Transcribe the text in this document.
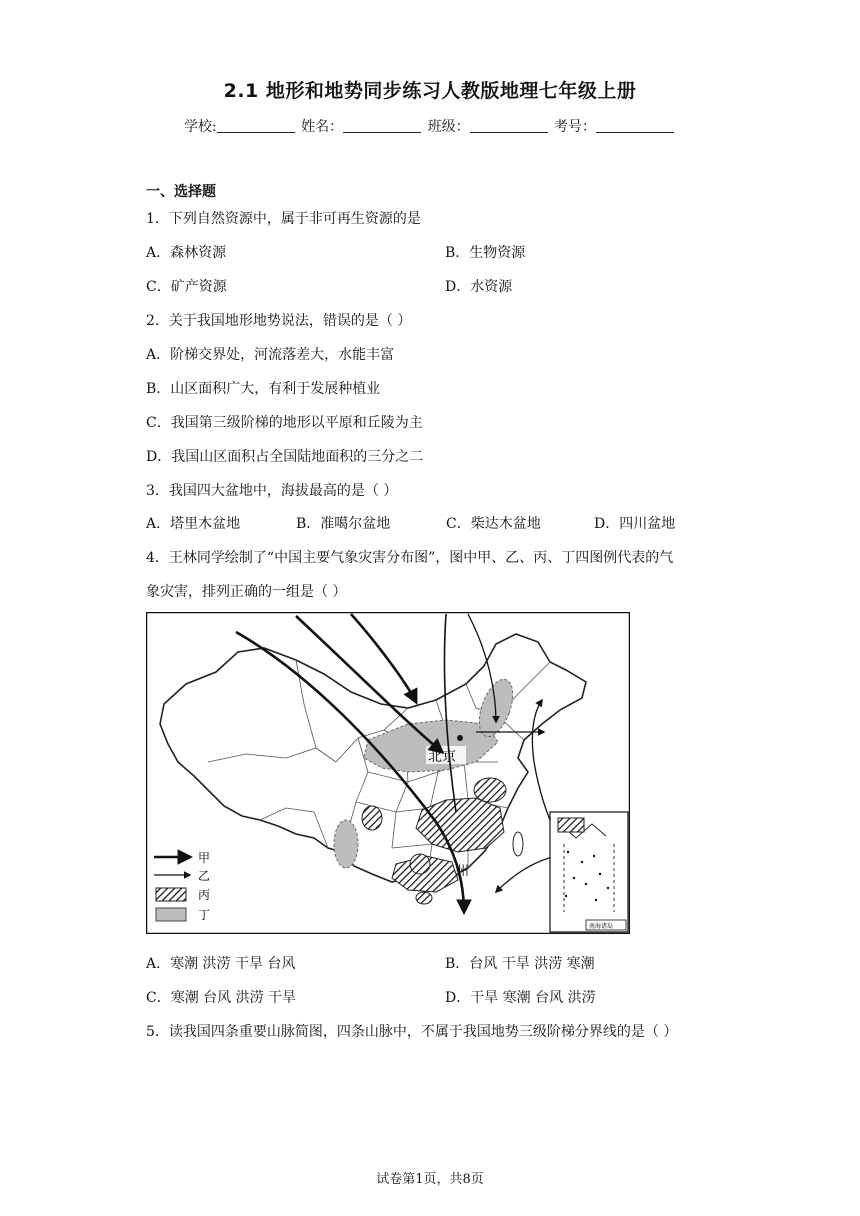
2.1 地形和地势同步练习人教版地理七年级上册
学校:	姓名：	班级：	考号：
一、选择题
1．下列自然资源中，属于非可再生资源的是
A．森林资源	B．生物资源
C．矿产资源	D．水资源
2．关于我国地形地势说法，错误的是（ ）
A．阶梯交界处，河流落差大，水能丰富
B．山区面积广大，有利于发展种植业
C．我国第三级阶梯的地形以平原和丘陵为主
D．我国山区面积占全国陆地面积的三分之二
3．我国四大盆地中，海拔最高的是（ ）
A．塔里木盆地	B．准噶尔盆地	C．柴达木盆地	D．四川盆地
4．王林同学绘制了“中国主要气象灾害分布图”，图中甲、乙、丙、丁四图例代表的气
象灾害，排列正确的一组是（ ）
北京
州
南海诸岛
甲
乙
丙
丁
A．寒潮 洪涝 干旱 台风	B．台风 干旱 洪涝 寒潮
C．寒潮 台风 洪涝 干旱	D．干旱 寒潮 台风 洪涝
5．读我国四条重要山脉简图，四条山脉中，不属于我国地势三级阶梯分界线的是（ ）
试卷第1页，共8页
